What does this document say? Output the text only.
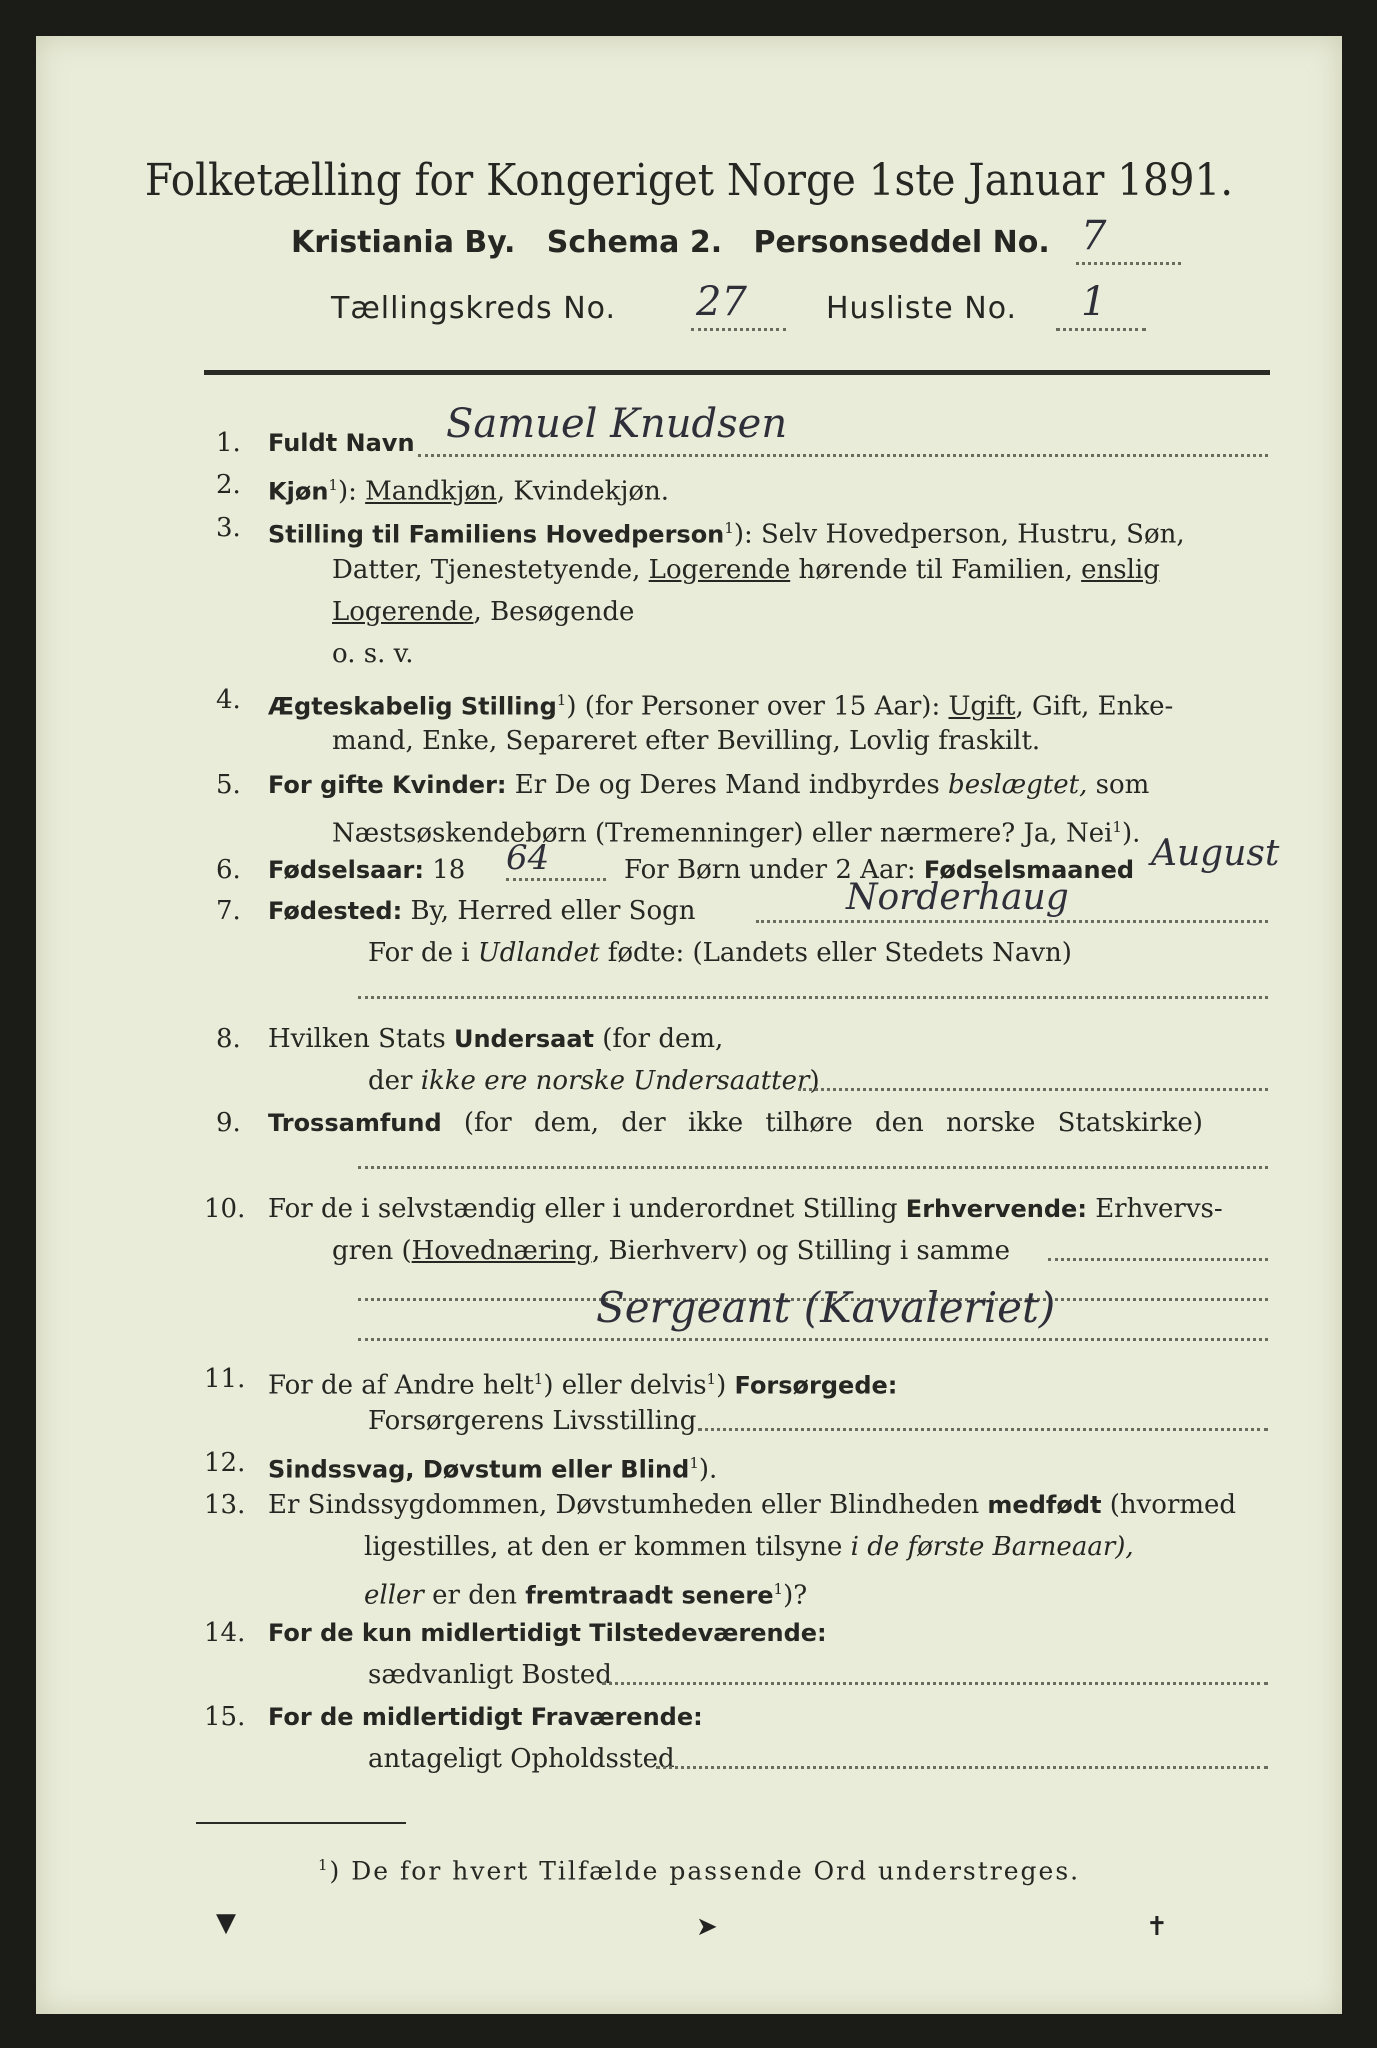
Folketælling for Kongeriget Norge 1ste Januar 1891.
Kristiania By. Schema 2. Personseddel No. 7
Tællingskreds No. 27	Husliste No. 1
1. Fuldt Navn Samuel Knudsen
2. Kjøn$^1$): Mandkjøn, Kvindekjøn.
3. Stilling til Familiens Hovedperson$^1$): Selv Hovedperson, Hustru, Søn,
Datter, Tjenestetyende, Logerende hørende til Familien, enslig
Logerende, Besøgende
o. s. v.
4. Ægteskabelig Stilling$^1$) (for Personer over 15 Aar): Ugift, Gift, Enke-
mand, Enke, Separeret efter Bevilling, Lovlig fraskilt.
5. For gifte Kvinder: Er De og Deres Mand indbyrdes beslægtet, som
Næstsøskendebørn (Tremenninger) eller nærmere? Ja, Nei$^1$).
6. Fødselsaar: 18 64	For Børn under 2 Aar: Fødselsmaaned August
7. Fødested: By, Herred eller Sogn	Norderhaug
For de i Udlandet fødte: (Landets eller Stedets Navn)
8. Hvilken Stats Undersaat (for dem,
der ikke ere norske Undersaatter)
9. Trossamfund (for dem, der ikke tilhøre den norske Statskirke)
10. For de i selvstændig eller i underordnet Stilling Erhvervende: Erhvervs-
gren (Hovednæring, Bierhverv) og Stilling i samme
Sergeant (Kavaleriet)
11. For de af Andre helt$^1$) eller delvis$^1$) Forsørgede:
Forsørgerens Livsstilling
12. Sindssvag, Døvstum eller Blind$^1$).
13. Er Sindssygdommen, Døvstumheden eller Blindheden medfødt (hvormed
ligestilles, at den er kommen tilsyne i de første Barneaar),
eller er den fremtraadt senere$^1$)?
14. For de kun midlertidigt Tilstedeværende:
sædvanligt Bosted
15. For de midlertidigt Fraværende:
antageligt Opholdssted
$^1$) De for hvert Tilfælde passende Ord understreges.
▼	➤	✝
